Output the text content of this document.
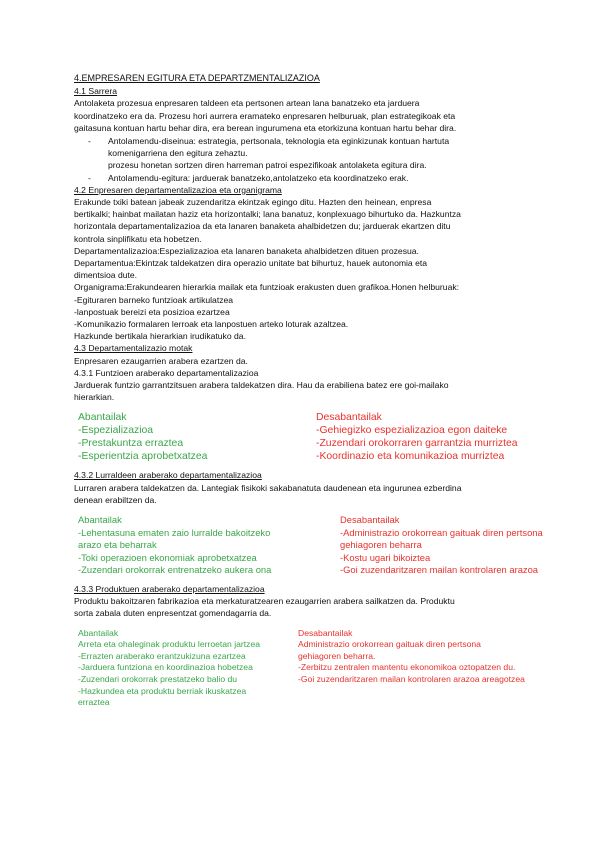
4.EMPRESAREN EGITURA ETA DEPARTZMENTALIZAZIOA
4.1 Sarrera

Antolaketa prozesua enpresaren taldeen eta pertsonen artean lana banatzeko eta jarduera

koordinatzeko era da. Prozesu hori aurrera eramateko enpresaren helburuak, plan estrategikoak eta

gaitasuna kontuan hartu behar dira, era berean ingurumena eta etorkizuna kontuan hartu behar dira.

- Antolamendu-diseinua: estrategia, pertsonala, teknologia eta eginkizunak kontuan hartuta
komenigarriena den egitura zehaztu.
prozesu honetan sortzen diren harreman patroi espezifikoak antolaketa egitura dira.
- Antolamendu-egitura: jarduerak banatzeko,antolatzeko eta koordinatzeko erak.
4.2 Enpresaren departamentalizazioa eta organigrama

Erakunde txiki batean jabeak zuzendaritza ekintzak egingo ditu. Hazten den heinean, enpresa

bertikalki; hainbat mailatan haziz eta horizontalki; lana banatuz, konplexuago bihurtuko da. Hazkuntza

horizontala departamentalizazioa da eta lanaren banaketa ahalbidetzen du; jarduerak ekartzen ditu

kontrola sinplifikatu eta hobetzen.

Departamentalizazioa:Espezializazioa eta lanaren banaketa ahalbidetzen dituen prozesua.

Departamentua:Ekintzak taldekatzen dira operazio unitate bat bihurtuz, hauek autonomia eta

dimentsioa dute.

Organigrama:Erakundearen hierarkia mailak eta funtzioak erakusten duen grafikoa.Honen helburuak:

-Egituraren barneko funtzioak artikulatzea

-lanpostuak bereizi eta posizioa ezartzea

-Komunikazio formalaren lerroak eta lanpostuen arteko loturak azaltzea.

Hazkunde bertikala hierarkian irudikatuko da.

4.3 Departamentalizazio motak

Enpresaren ezaugarrien arabera ezartzen da.

4.3.1 Funtzioen araberako departamentalizazioa

Jarduerak funtzio garrantzitsuen arabera taldekatzen dira. Hau da erabiliena batez ere goi-mailako

hierarkian.

Abantailak
-Espezializazioa
-Prestakuntza erraztea
-Esperientzia aprobetxatzea
Desabantailak
-Gehiegizko espezializazioa egon daiteke
-Zuzendari orokorraren garrantzia murriztea
-Koordinazio eta komunikazioa murriztea
4.3.2 Lurraldeen araberako departamentalizazioa

Lurraren arabera taldekatzen da. Lantegiak fisikoki sakabanatuta daudenean eta ingurunea ezberdina

denean erabiltzen da.

Abantailak
-Lehentasuna ematen zaio lurralde bakoitzeko
arazo eta beharrak
-Toki operazioen ekonomiak aprobetxatzea
-Zuzendari orokorrak entrenatzeko aukera ona
Desabantailak
-Administrazio orokorrean gaituak diren pertsona
gehiagoren beharra
-Kostu ugari bikoiztea
-Goi zuzendaritzaren mailan kontrolaren arazoa
4.3.3 Produktuen araberako departamentalizazioa

Produktu bakoitzaren fabrikazioa eta merkaturatzearen ezaugarrien arabera sailkatzen da. Produktu

sorta zabala duten enpresentzat gomendagarria da.

Abantailak
Arreta eta ohaleginak produktu lerroetan jartzea
-Errazten araberako erantzukizuna ezartzea
-Jarduera funtziona en koordinazioa hobetzea
-Zuzendari orokorrak prestatzeko balio du
-Hazkundea eta produktu berriak ikuskatzea
erraztea
Desabantailak
Administrazio orokorrean gaituak diren pertsona
gehiagoren beharra.
-Zerbitzu zentralen mantentu ekonomikoa oztopatzen du.
-Goi zuzendaritzaren mailan kontrolaren arazoa areagotzea
